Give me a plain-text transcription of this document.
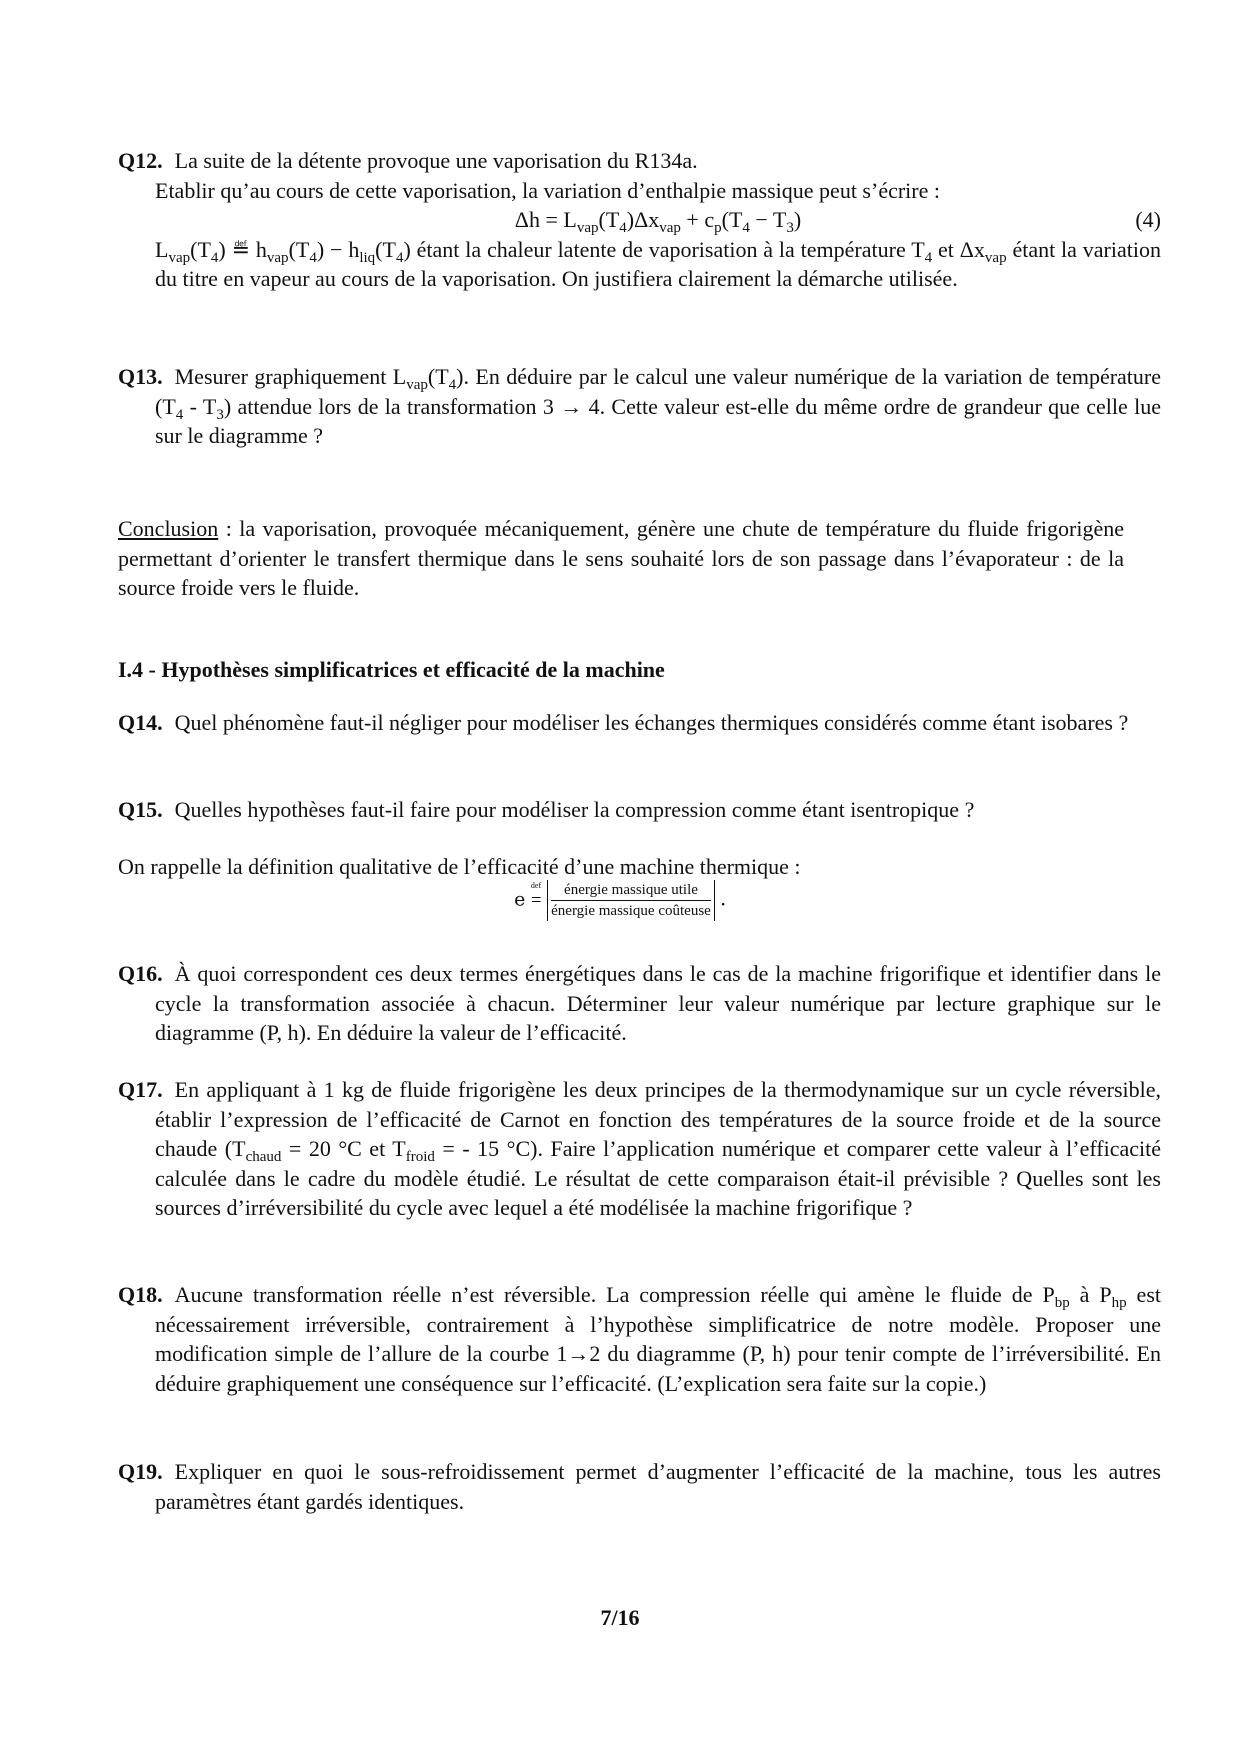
Q12. La suite de la détente provoque une vaporisation du R134a.
Etablir qu’au cours de cette vaporisation, la variation d’enthalpie massique peut s’écrire :

$\Delta h = L_{vap}(T_4)\Delta x_{vap} + c_p(T_4 - T_3)$	(4)
$L_{vap}(T_4)$ ≝ $h_{vap}(T_4) - h_{liq}(T_4)$ étant la chaleur latente de vaporisation à la température $T_4$ et $\Delta x_{vap}$ étant la variation du titre en vapeur au cours de la vaporisation. On justifiera clairement la démarche utilisée.
Q13. Mesurer graphiquement $L_{vap}(T_4)$. En déduire par le calcul une valeur numérique de la variation de température $(T_4 - T_3)$ attendue lors de la transformation 3 → 4. Cette valeur est-elle du même ordre de grandeur que celle lue sur le diagramme ?
Conclusion : la vaporisation, provoquée mécaniquement, génère une chute de température du fluide frigorigène permettant d’orienter le transfert thermique dans le sens souhaité lors de son passage dans l’évaporateur : de la source froide vers le fluide.
I.4 - Hypothèses simplificatrices et efficacité de la machine
Q14. Quel phénomène faut-il négliger pour modéliser les échanges thermiques considérés comme étant isobares ?
Q15. Quelles hypothèses faut-il faire pour modéliser la compression comme étant isentropique ?
On rappelle la définition qualitative de l’efficacité d’une machine thermique :
e
def
= $\frac{\text{énergie massique utile}}{\text{énergie massique coûteuse}}$ .
Q16. À quoi correspondent ces deux termes énergétiques dans le cas de la machine frigorifique et identifier dans le cycle la transformation associée à chacun. Déterminer leur valeur numérique par lecture graphique sur le diagramme (P, h). En déduire la valeur de l’efficacité.
Q17. En appliquant à 1 kg de fluide frigorigène les deux principes de la thermodynamique sur un cycle réversible, établir l’expression de l’efficacité de Carnot en fonction des températures de la source froide et de la source chaude ($T_{chaud} = 20$ °C et $T_{froid}$ = - 15 °C). Faire l’application numérique et comparer cette valeur à l’efficacité calculée dans le cadre du modèle étudié. Le résultat de cette comparaison était-il prévisible ? Quelles sont les sources d’irréversibilité du cycle avec lequel a été modélisée la machine frigorifique ?
Q18. Aucune transformation réelle n’est réversible. La compression réelle qui amène le fluide de $P_{bp}$ à $P_{hp}$ est nécessairement irréversible, contrairement à l’hypothèse simplificatrice de notre modèle. Proposer une modification simple de l’allure de la courbe 1→2 du diagramme (P, h) pour tenir compte de l’irréversibilité. En déduire graphiquement une conséquence sur l’efficacité. (L’explication sera faite sur la copie.)
Q19. Expliquer en quoi le sous-refroidissement permet d’augmenter l’efficacité de la machine, tous les autres paramètres étant gardés identiques.
7/16
